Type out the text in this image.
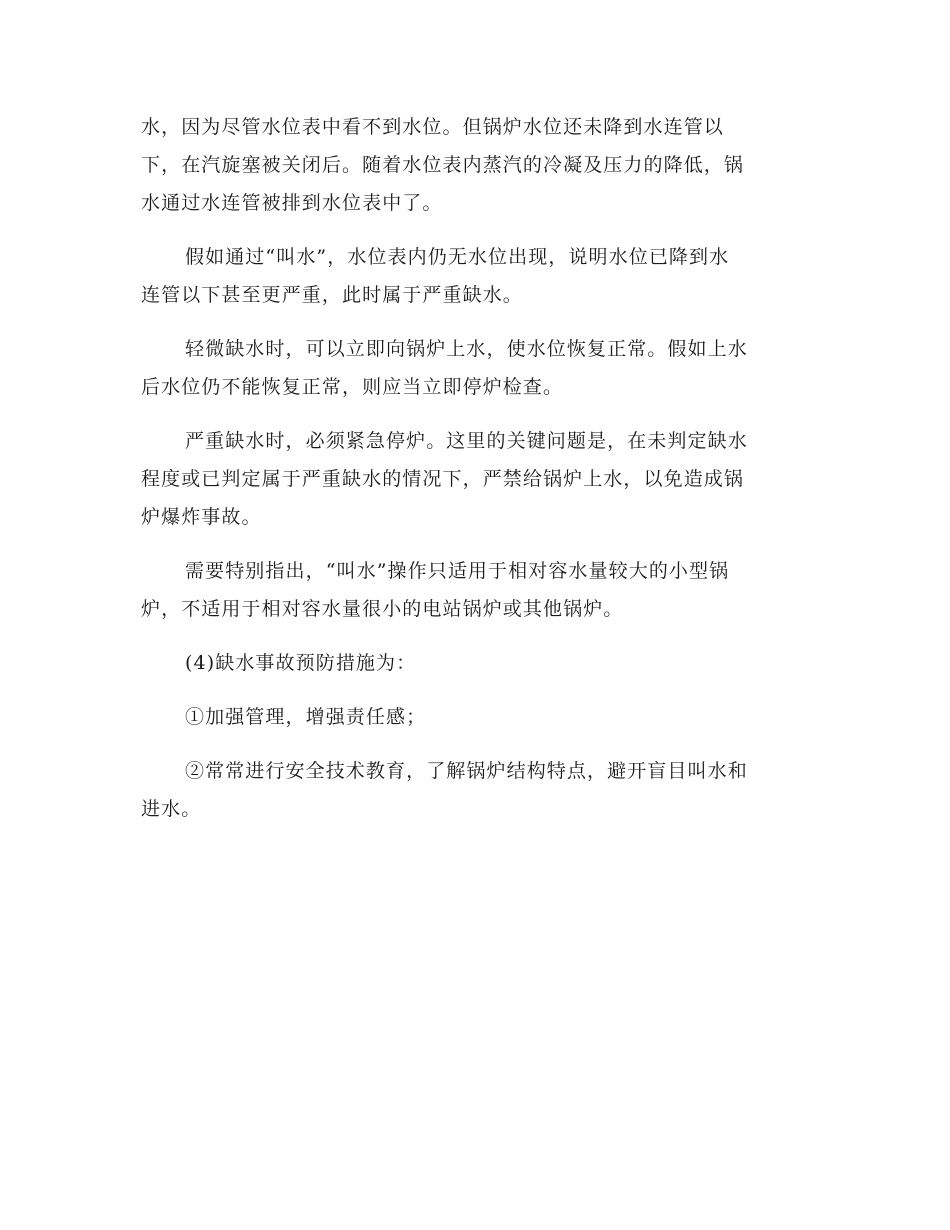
水，因为尽管水位表中看不到水位。但锅炉水位还未降到水连管以
下，在汽旋塞被关闭后。随着水位表内蒸汽的冷凝及压力的降低，锅
水通过水连管被排到水位表中了。
假如通过“叫水”，水位表内仍无水位出现，说明水位已降到水
连管以下甚至更严重，此时属于严重缺水。
轻微缺水时，可以立即向锅炉上水，使水位恢复正常。假如上水
后水位仍不能恢复正常，则应当立即停炉检查。
严重缺水时，必须紧急停炉。这里的关键问题是，在未判定缺水
程度或已判定属于严重缺水的情况下，严禁给锅炉上水，以免造成锅
炉爆炸事故。
需要特别指出，“叫水”操作只适用于相对容水量较大的小型锅
炉，不适用于相对容水量很小的电站锅炉或其他锅炉。
(4)缺水事故预防措施为：
①加强管理，增强责任感；
②常常进行安全技术教育，了解锅炉结构特点，避开盲目叫水和
进水。
